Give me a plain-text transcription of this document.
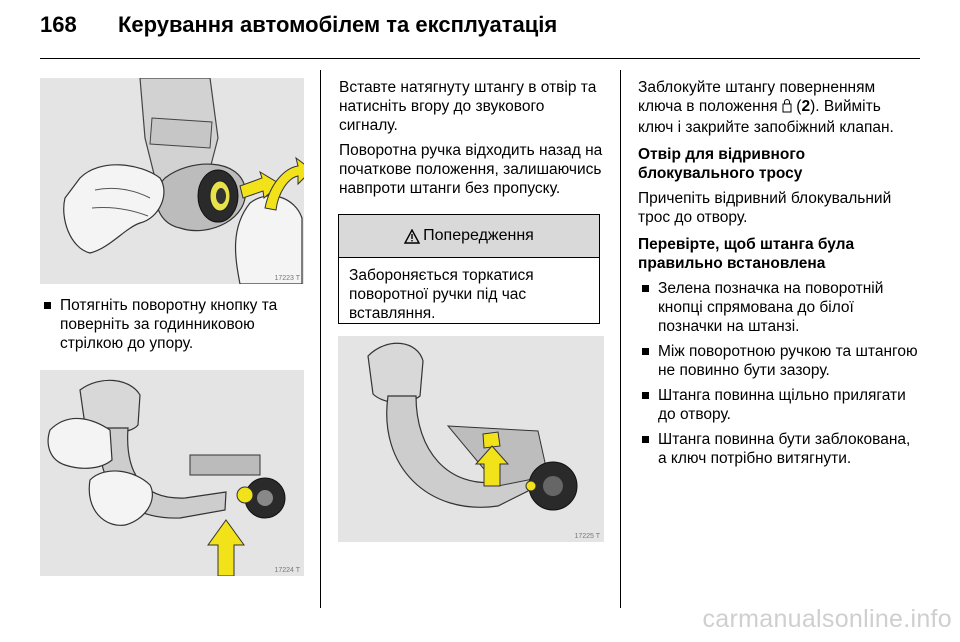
168 Керування автомобілем та експлуатація
17223 T
Потягніть поворотну кнопку та поверніть за годинниковою стрілкою до упору.
17224 T

Вставте натягнуту штангу в отвір та натисніть вгору до звукового сигналу.

Поворотна ручка відходить назад на початкове положення, залишаючись навпроти штанги без пропуску.

Попередження
Забороняється торкатися поворотної ручки під час вставляння.
17225 T

Заблокуйте штангу поверненням ключа в положення  (2). Вийміть ключ і закрийте запобіжний клапан.

Отвір для відривного блокувального тросу

Причепіть відривний блокувальний трос до отвору.

Перевірте, щоб штанга була правильно встановлена

Зелена позначка на поворотній кнопці спрямована до білої позначки на штанзі.
Між поворотною ручкою та штангою не повинно бути зазору.
Штанга повинна щільно прилягати до отвору.
Штанга повинна бути заблокована, а ключ потрібно витягнути.
carmanualsonline.info
